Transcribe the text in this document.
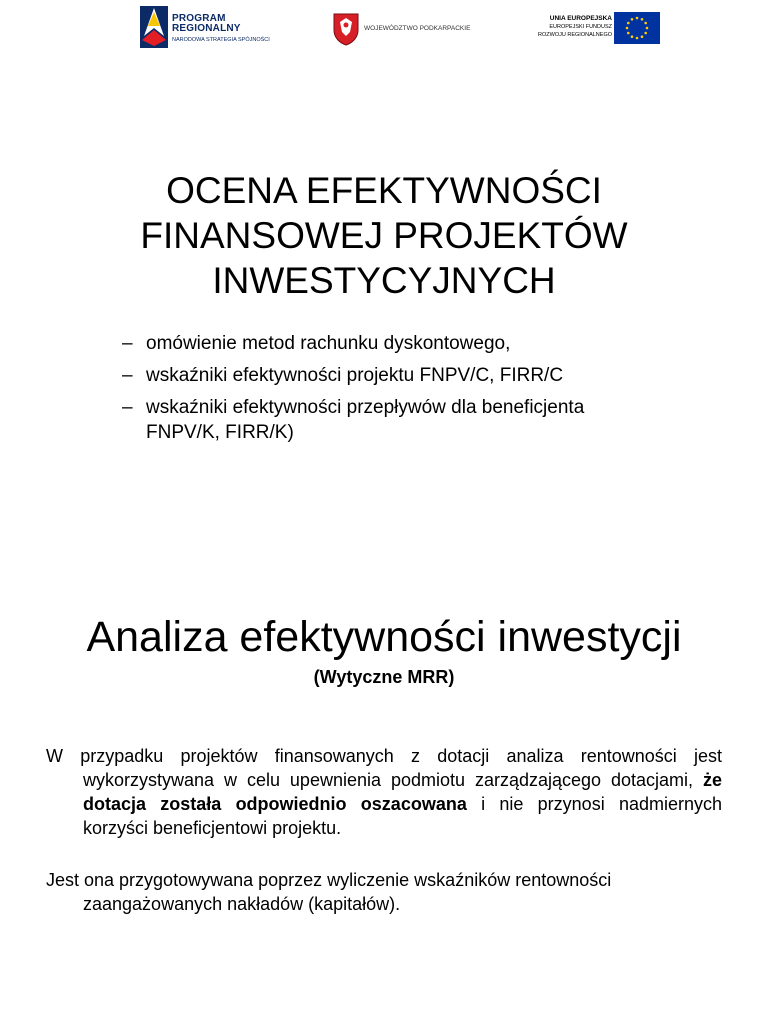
PROGRAM
REGIONALNY
NARODOWA STRATEGIA SPÓJNOŚCI
WOJEWÓDZTWO PODKARPACKIE
UNIA EUROPEJSKA
EUROPEJSKI FUNDUSZ
ROZWOJU REGIONALNEGO
OCENA EFEKTYWNOŚCI
FINANSOWEJ PROJEKTÓW
INWESTYCYJNYCH
– omówienie metod rachunku dyskontowego,
– wskaźniki efektywności projektu FNPV/C, FIRR/C
– wskaźniki efektywności przepływów dla beneficjenta FNPV/K, FIRR/K)
Analiza efektywności inwestycji
(Wytyczne MRR)
W przypadku projektów finansowanych z dotacji analiza rentowności jest wykorzystywana w celu upewnienia podmiotu zarządzającego dotacjami, że dotacja została odpowiednio oszacowana i nie przynosi nadmiernych korzyści beneficjentowi projektu.
Jest ona przygotowywana poprzez wyliczenie wskaźników rentowności zaangażowanych nakładów (kapitałów).
